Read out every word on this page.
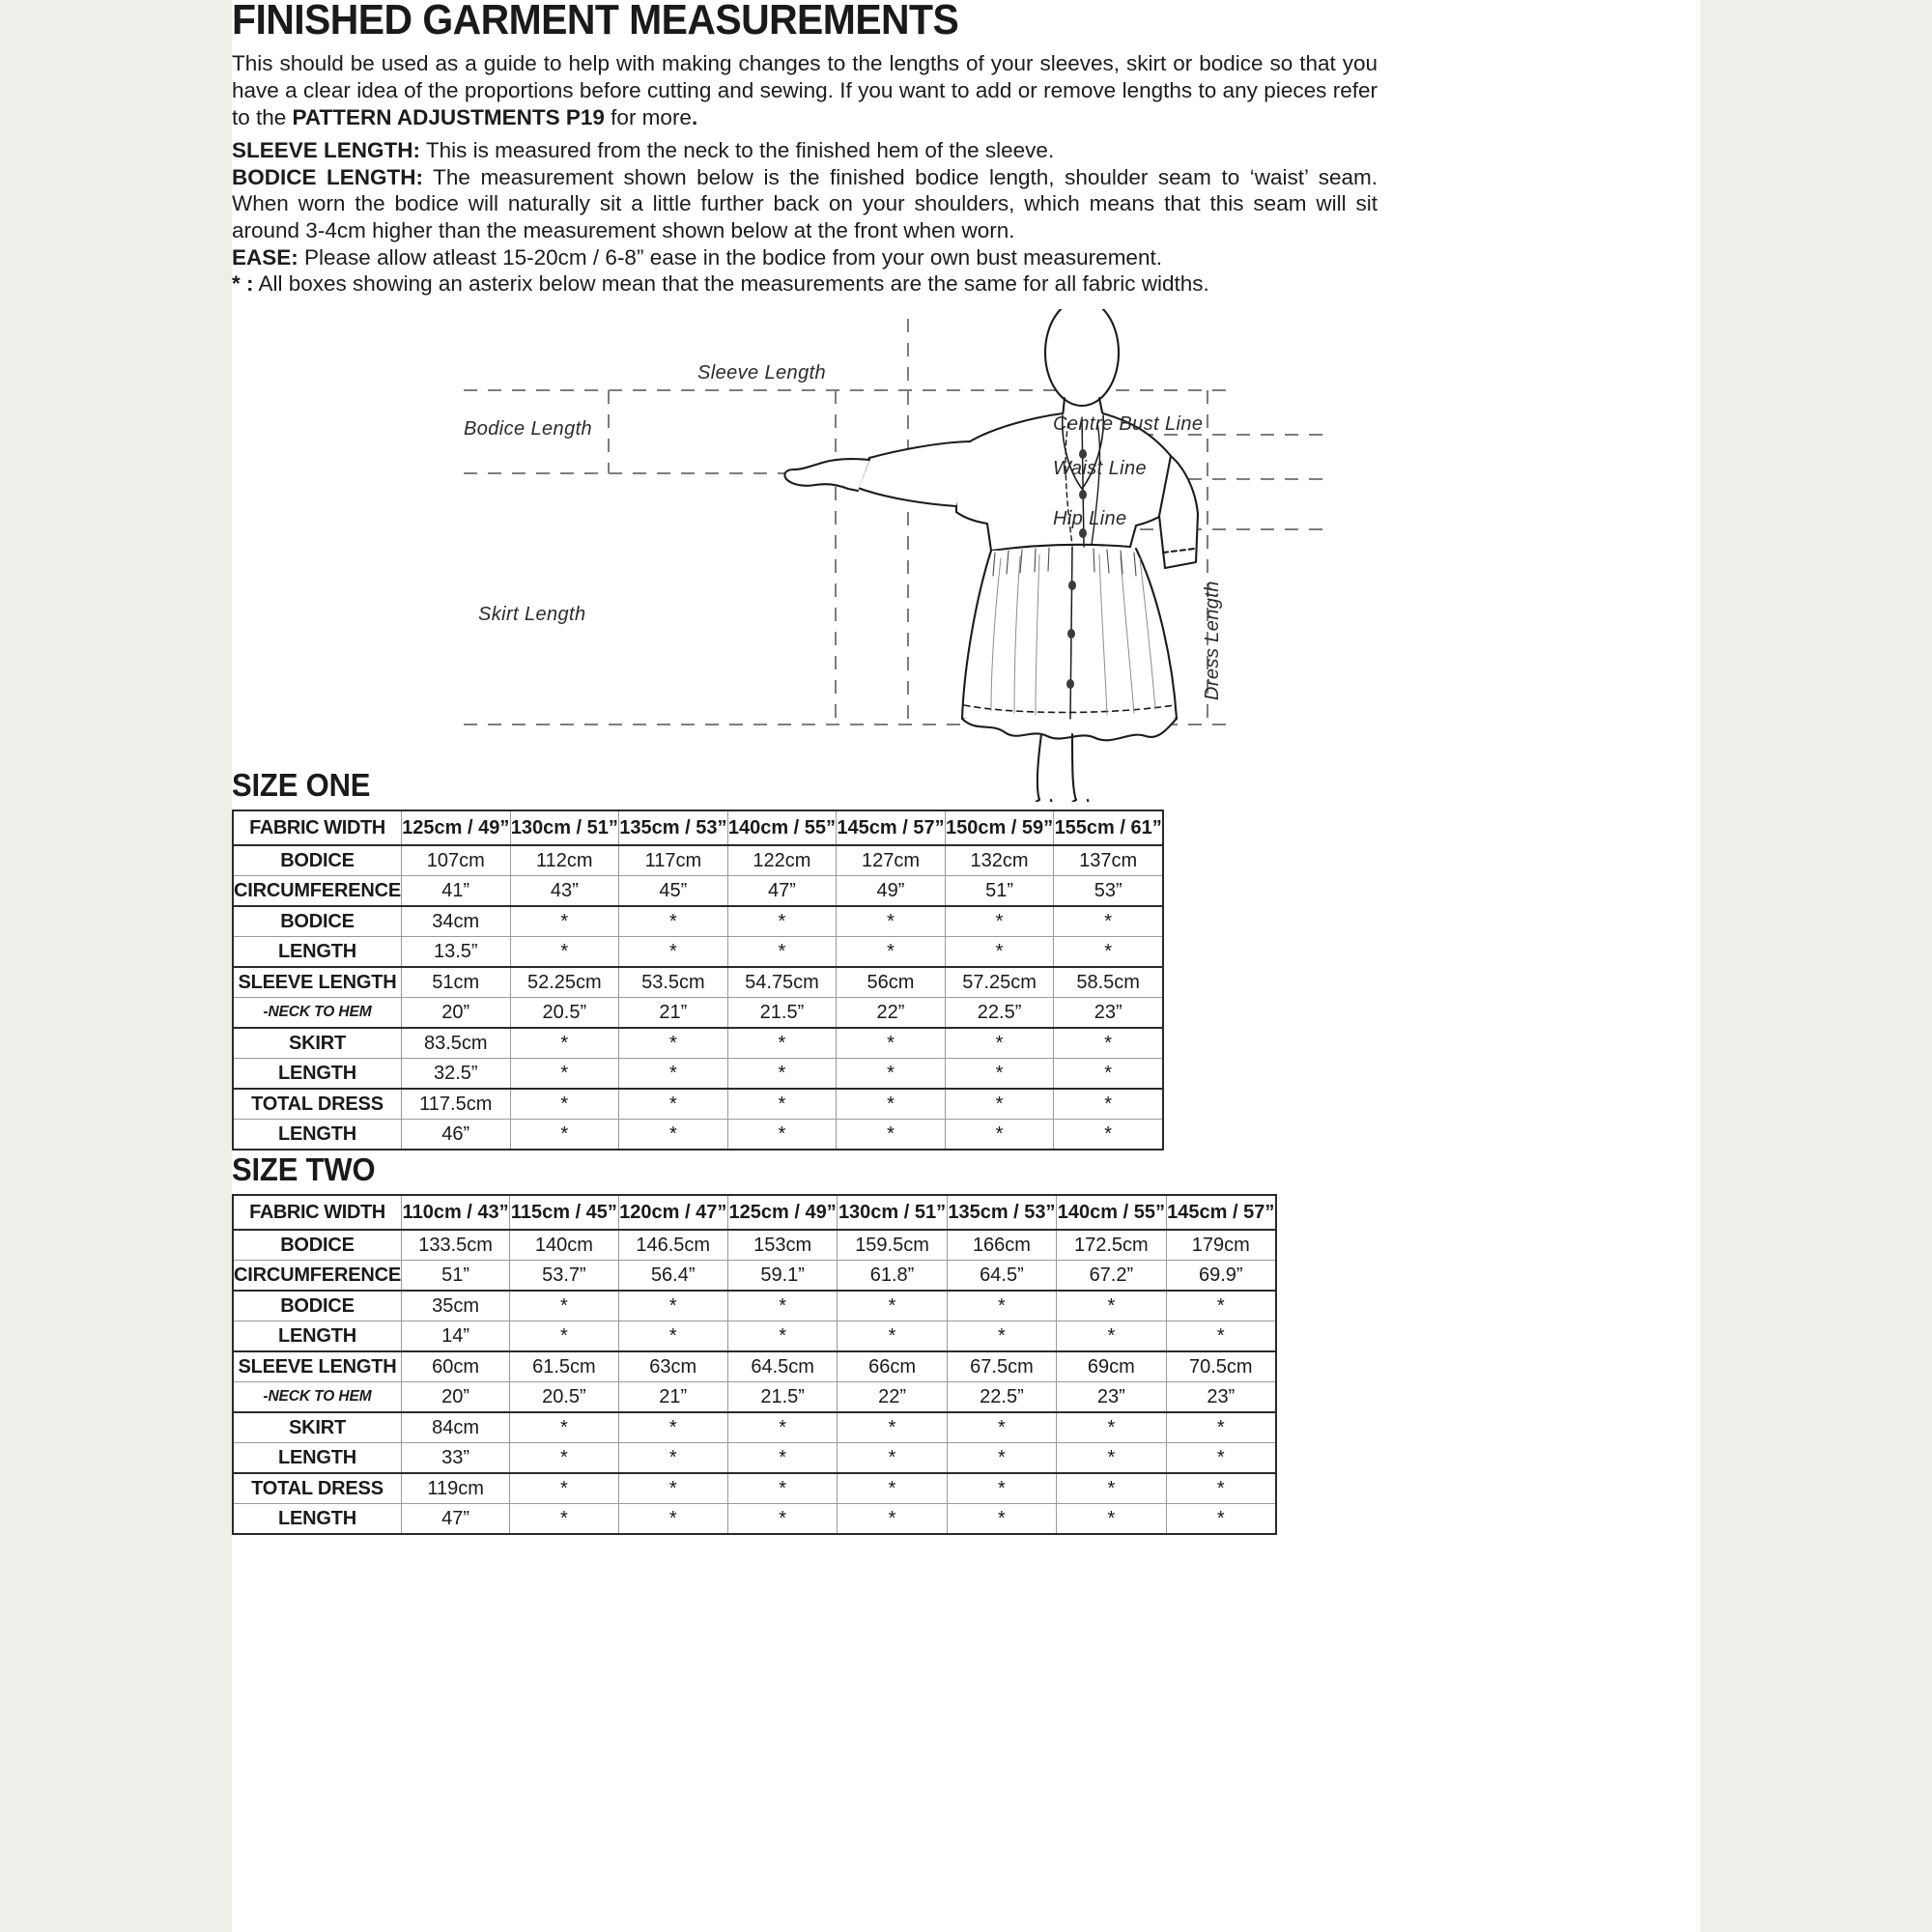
FINISHED GARMENT MEASUREMENTS
This should be used as a guide to help with making changes to the lengths of your sleeves, skirt or bodice so that you have a clear idea of the proportions before cutting and sewing. If you want to add or remove lengths to any pieces refer to the PATTERN ADJUSTMENTS P19 for more.

SLEEVE LENGTH: This is measured from the neck to the finished hem of the sleeve.

BODICE LENGTH: The measurement shown below is the finished bodice length, shoulder seam to ‘waist’ seam. When worn the bodice will naturally sit a little further back on your shoulders, which means that this seam will sit around 3-4cm higher than the measurement shown below at the front when worn.

EASE: Please allow atleast 15-20cm / 6-8” ease in the bodice from your own bust measurement.

* : All boxes showing an asterix below mean that the measurements are the same for all fabric widths.

Sleeve Length
Bodice Length
Skirt Length	Dress Length
Centre Bust Line
Waist Line
Hip Line
SIZE ONE
FABRIC WIDTH	125cm / 49”	130cm / 51”	135cm / 53”	140cm / 55”	145cm / 57”	150cm / 59”	155cm / 61”
BODICE	107cm	112cm	117cm	122cm	127cm	132cm	137cm
CIRCUMFERENCE	41”	43”	45”	47”	49”	51”	53”
BODICE	34cm	*	*	*	*	*	*
LENGTH	13.5”	*	*	*	*	*	*
SLEEVE LENGTH	51cm	52.25cm	53.5cm	54.75cm	56cm	57.25cm	58.5cm
-NECK TO HEM	20”	20.5”	21”	21.5”	22”	22.5”	23”
SKIRT	83.5cm	*	*	*	*	*	*
LENGTH	32.5”	*	*	*	*	*	*
TOTAL DRESS	117.5cm	*	*	*	*	*	*
LENGTH	46”	*	*	*	*	*	*
SIZE TWO
FABRIC WIDTH	110cm / 43”	115cm / 45”	120cm / 47”	125cm / 49”	130cm / 51”	135cm / 53”	140cm / 55”	145cm / 57”
BODICE	133.5cm	140cm	146.5cm	153cm	159.5cm	166cm	172.5cm	179cm
CIRCUMFERENCE	51”	53.7”	56.4”	59.1”	61.8”	64.5”	67.2”	69.9”
BODICE	35cm	*	*	*	*	*	*	*
LENGTH	14”	*	*	*	*	*	*	*
SLEEVE LENGTH	60cm	61.5cm	63cm	64.5cm	66cm	67.5cm	69cm	70.5cm
-NECK TO HEM	20”	20.5”	21”	21.5”	22”	22.5”	23”	23”
SKIRT	84cm	*	*	*	*	*	*	*
LENGTH	33”	*	*	*	*	*	*	*
TOTAL DRESS	119cm	*	*	*	*	*	*	*
LENGTH	47”	*	*	*	*	*	*	*
